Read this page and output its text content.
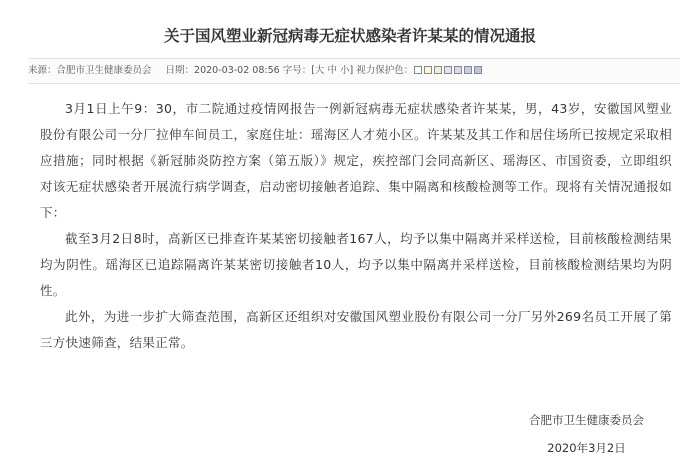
关于国风塑业新冠病毒无症状感染者许某某的情况通报
来源：合肥市卫生健康委员会 日期：2020-03-02 08:56 字号：[大 中 小] 视力保护色：

3月1日上午9：30，市二院通过疫情网报告一例新冠病毒无症状感染者许某某，男，43岁，安徽国风塑业股份有限公司一分厂拉伸车间员工，家庭住址：瑶海区人才苑小区。许某某及其工作和居住场所已按规定采取相应措施；同时根据《新冠肺炎防控方案（第五版）》规定，疾控部门会同高新区、瑶海区、市国资委，立即组织对该无症状感染者开展流行病学调查，启动密切接触者追踪、集中隔离和核酸检测等工作。现将有关情况通报如下：

截至3月2日8时，高新区已排查许某某密切接触者167人，均予以集中隔离并采样送检，目前核酸检测结果均为阴性。瑶海区已追踪隔离许某某密切接触者10人，均予以集中隔离并采样送检，目前核酸检测结果均为阴性。

此外，为进一步扩大筛查范围，高新区还组织对安徽国风塑业股份有限公司一分厂另外269名员工开展了第三方快速筛查，结果正常。

合肥市卫生健康委员会
2020年3月2日
